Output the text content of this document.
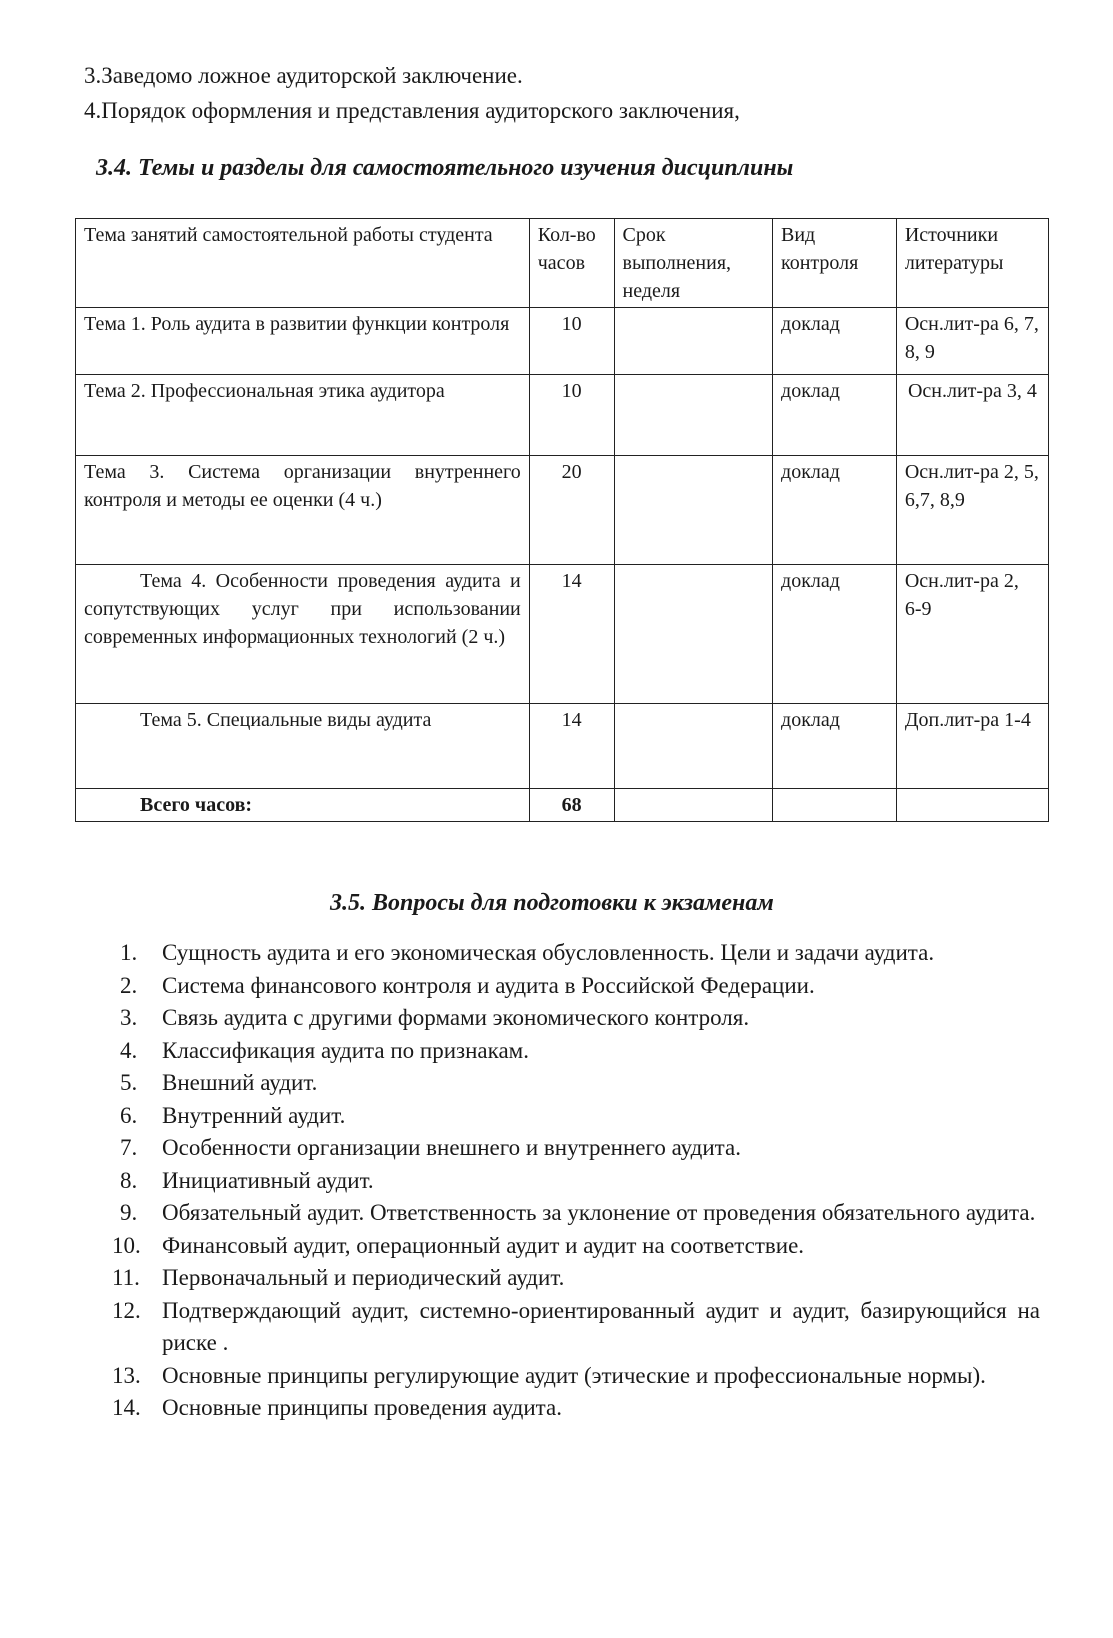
3.Заведомо ложное аудиторской заключение.
4.Порядок оформления и представления аудиторского заключения,
3.4. Темы и разделы для самостоятельного изучения дисциплины
Тема занятий самостоятельной работы студента	Кол-во часов	Срок выполнения, неделя	Вид контроля	Источники литературы
Тема 1. Роль аудита в развитии функции контроля	10		доклад	Осн.лит-ра 6, 7, 8, 9
Тема 2. Профессиональная этика аудитора	10		доклад	Осн.лит-ра 3, 4
Тема 3. Система организации внутреннего контроля и методы ее оценки (4 ч.)	20		доклад	Осн.лит-ра 2, 5, 6,7, 8,9
Тема 4. Особенности проведения аудита и сопутствующих услуг при использовании современных информационных технологий (2 ч.)	14		доклад	Осн.лит-ра 2, 6-9
Тема 5. Специальные виды аудита	14		доклад	Доп.лит-ра 1-4
Всего часов:	68			
3.5. Вопросы для подготовки к экзаменам
1. Сущность аудита и его экономическая обусловленность. Цели и задачи аудита.
2. Система финансового контроля и аудита в Российской Федерации.
3. Связь аудита с другими формами экономического контроля.
4. Классификация аудита по признакам.
5. Внешний аудит.
6. Внутренний аудит.
7. Особенности организации внешнего и внутреннего аудита.
8. Инициативный аудит.
9. Обязательный аудит. Ответственность за уклонение от проведения обязательного аудита.
10. Финансовый аудит, операционный аудит и аудит на соответствие.
11. Первоначальный и периодический аудит.
12. Подтверждающий аудит, системно-ориентированный аудит и аудит, базирующийся на риске .
13. Основные принципы регулирующие аудит (этические и профессиональные нормы).
14. Основные принципы проведения аудита.
